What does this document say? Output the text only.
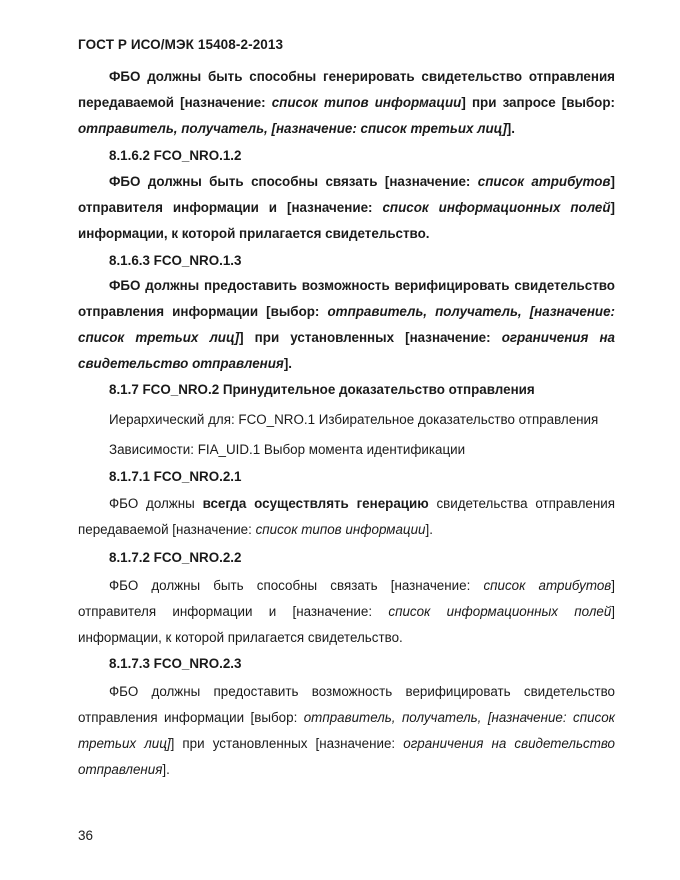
ГОСТ Р ИСО/МЭК 15408-2-2013

ФБО должны быть способны генерировать свидетельство отправления передаваемой [назначение: список типов информации] при запросе [выбор: отправитель, получатель, [назначение: список третьих лиц]].

8.1.6.2 FCO_NRO.1.2

ФБО должны быть способны связать [назначение: список атрибутов] отправителя информации и [назначение: список информационных полей] информации, к которой прилагается свидетельство.

8.1.6.3 FCO_NRO.1.3

ФБО должны предоставить возможность верифицировать свидетельство отправления информации [выбор: отправитель, получатель, [назначение: список третьих лиц]] при установленных [назначение: ограничения на свидетельство отправления].

8.1.7 FCO_NRO.2 Принудительное доказательство отправления

Иерархический для: FCO_NRO.1 Избирательное доказательство отправления

Зависимости: FIA_UID.1 Выбор момента идентификации

8.1.7.1 FCO_NRO.2.1

ФБО должны всегда осуществлять генерацию свидетельства отправления передаваемой [назначение: список типов информации].

8.1.7.2 FCO_NRO.2.2

ФБО должны быть способны связать [назначение: список атрибутов] отправителя информации и [назначение: список информационных полей] информации, к которой прилагается свидетельство.

8.1.7.3 FCO_NRO.2.3

ФБО должны предоставить возможность верифицировать свидетельство отправления информации [выбор: отправитель, получатель, [назначение: список третьих лиц]] при установленных [назначение: ограничения на свидетельство отправления].

36
